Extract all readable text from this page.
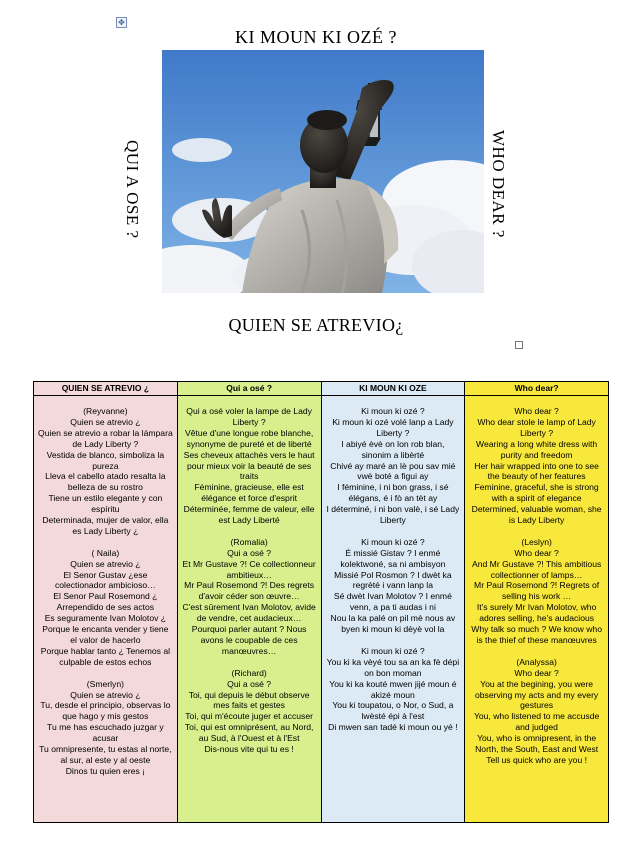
✥
KI MOUN KI OZÉ ?
QUI A OSE ?	WHO DEAR ?
QUIEN SE ATREVIO¿
QUIEN SE ATREVIO ¿

(Reyvanne)
Quien se atrevio ¿
Quien se atrevio a robar la lámpara de Lady Liberty ?
Vestida de blanco, simboliza la pureza
Lleva el cabello atado resalta la belleza de su rostro
Tiene un estilo elegante y con espíritu
Determinada, mujer de valor, ella es Lady Liberty ¿

( Naila)
Quien se atrevio ¿
El Senor Gustav ¿ese colectionador ambicioso…
El Senor Paul Rosemond ¿ Arrependido de ses actos
Es seguramente Ivan Molotov ¿ Porque le encanta vender y tiene el valor de hacerlo
Porque hablar tanto ¿ Tenemos al culpable de estos echos

(Smerlyn)
Quien se atrevio ¿
Tu, desde el principio, observas lo que hago y mis gestos
Tu me has escuchado juzgar y acusar
Tu omnipresente, tu estas al norte, al sur, al este y al oeste
Dinos tu quien eres ¡

Qui a osé ?

Qui a osé voler la lampe de Lady Liberty ?
Vêtue d'une longue robe blanche, synonyme de pureté et de liberté
Ses cheveux attachés vers le haut pour mieux voir la beauté de ses traits
Féminine, gracieuse, elle est élégance et force d'esprit
Déterminée, femme de valeur, elle est Lady Liberté

(Romalia)
Qui a osé ?
Et Mr Gustave ?! Ce collectionneur ambitieux…
Mr Paul Rosemond ?! Des regrets d'avoir céder son œuvre…
C'est sûrement Ivan Molotov, avide de vendre, cet audacieux…
Pourquoi parler autant ? Nous avons le coupable de ces manœuvres…

(Richard)
Qui a osé ?
Toi, qui depuis le début observe mes faits et gestes
Toi, qui m'écoute juger et accuser
Toi, qui est omniprésent, au Nord, au Sud, à l'Ouest et à l'Est
Dis-nous vite qui tu es !

KI MOUN KI OZE

Ki moun ki ozé ?
Ki moun ki ozé volé lanp a Lady Liberty ?
I abiyé èvè on lon rob blan, sinonim a libèrté
Chivé ay maré an lè pou sav mié vwè boté a figui ay
I féminine, i ni bon grass, i sé élégans, é i fò an tèt ay
I déterminé, i ni bon valè, i sé Lady Liberty

Ki moun ki ozé ?
É missié Gistav ? I enmé kolektwoné, sa ni ambisyon
Missié Pol Rosmon ? I dwèt ka regrèté i vann lanp la
Sé dwèt Ivan Molotov ? I enmé venn, a pa ti audas i ni
Nou la ka palé on pil mè nous av byen ki moun ki dèyè vol la

Ki moun ki ozé ?
You ki ka vèyé tou sa an ka fè dépi on bon moman
You ki ka kouté mwen jijé moun é akizé moun
You ki toupatou, o Nor, o Sud, a lwèsté épi à l'est
Di mwen san tadé ki moun ou yé !

Who dear?

Who dear ?
Who dear stole le lamp of Lady Liberty ?
Wearing a long white dress with purity and freedom
Her hair wrapped into one to see the beauty of her features
Feminine, graceful, she is strong with a spirit of elegance
Determined, valuable woman, she is Lady Liberty

(Leslyn)
Who dear ?
And Mr Gustave ?! This ambitious collectionner of lamps…
Mr Paul Rosemond ?! Regrets of selling his work …
It's surely Mr Ivan Molotov, who adores selling, he's audacious
Why talk so much ? We know who is the thief of these manœuvres

(Analyssa)
Who dear ?
You at the begining, you were observing my acts and my every gestures
You, who listened to me accusde and judged
You, who is omnipresent, in the North, the South, East and West
Tell us quick who are you !
